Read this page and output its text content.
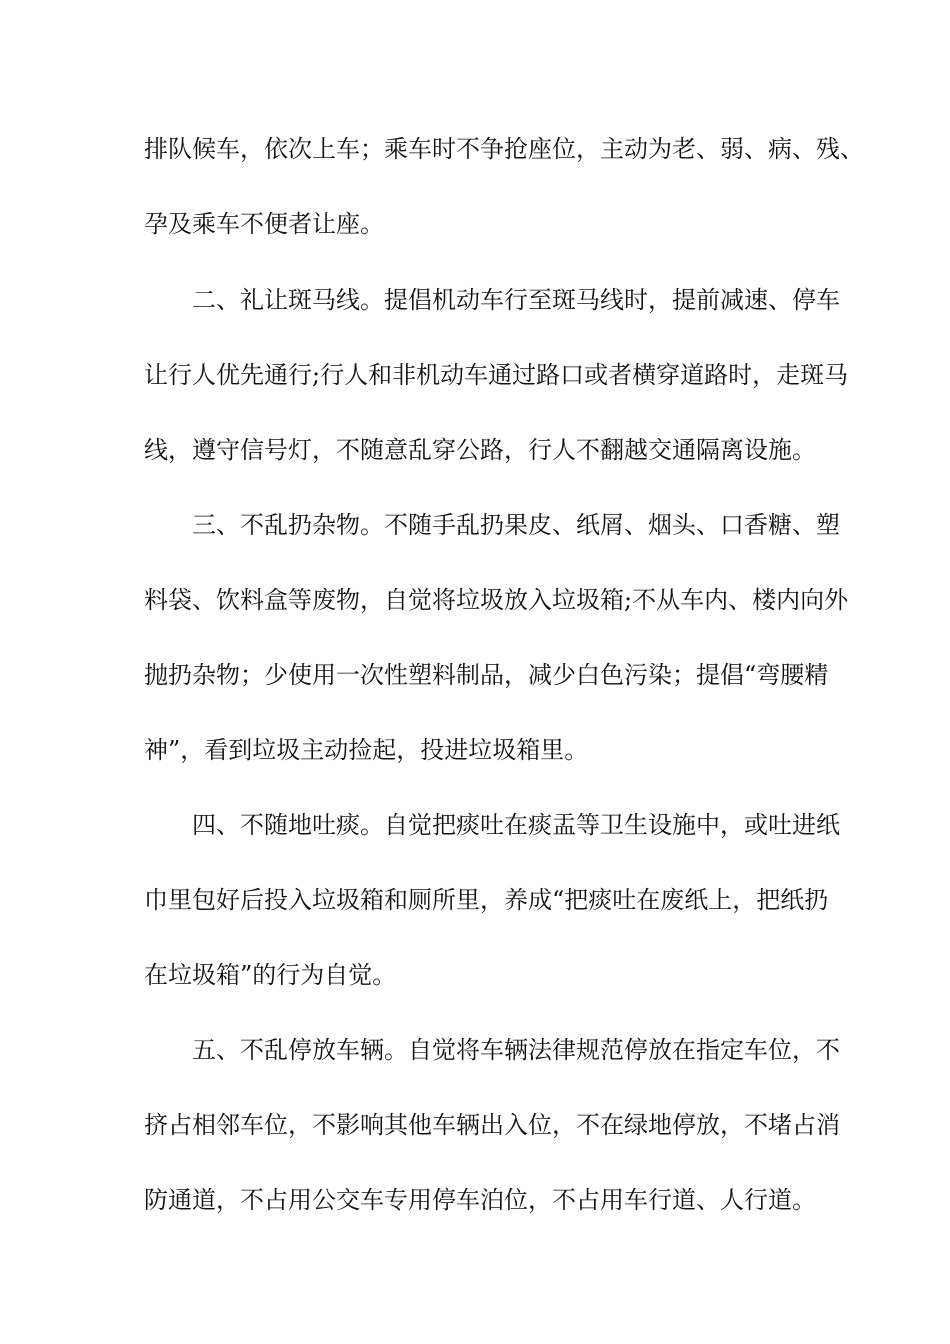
排队候车，依次上车；乘车时不争抢座位，主动为老、弱、病、残、
孕及乘车不便者让座。
二、礼让斑马线。提倡机动车行至斑马线时，提前减速、停车
让行人优先通行;行人和非机动车通过路口或者横穿道路时，走斑马
线，遵守信号灯，不随意乱穿公路，行人不翻越交通隔离设施。
三、不乱扔杂物。不随手乱扔果皮、纸屑、烟头、口香糖、塑
料袋、饮料盒等废物，自觉将垃圾放入垃圾箱;不从车内、楼内向外
抛扔杂物；少使用一次性塑料制品，减少白色污染；提倡“弯腰精
神”，看到垃圾主动捡起，投进垃圾箱里。
四、不随地吐痰。自觉把痰吐在痰盂等卫生设施中，或吐进纸
巾里包好后投入垃圾箱和厕所里，养成“把痰吐在废纸上，把纸扔
在垃圾箱”的行为自觉。
五、不乱停放车辆。自觉将车辆法律规范停放在指定车位，不
挤占相邻车位，不影响其他车辆出入位，不在绿地停放，不堵占消
防通道，不占用公交车专用停车泊位，不占用车行道、人行道。
